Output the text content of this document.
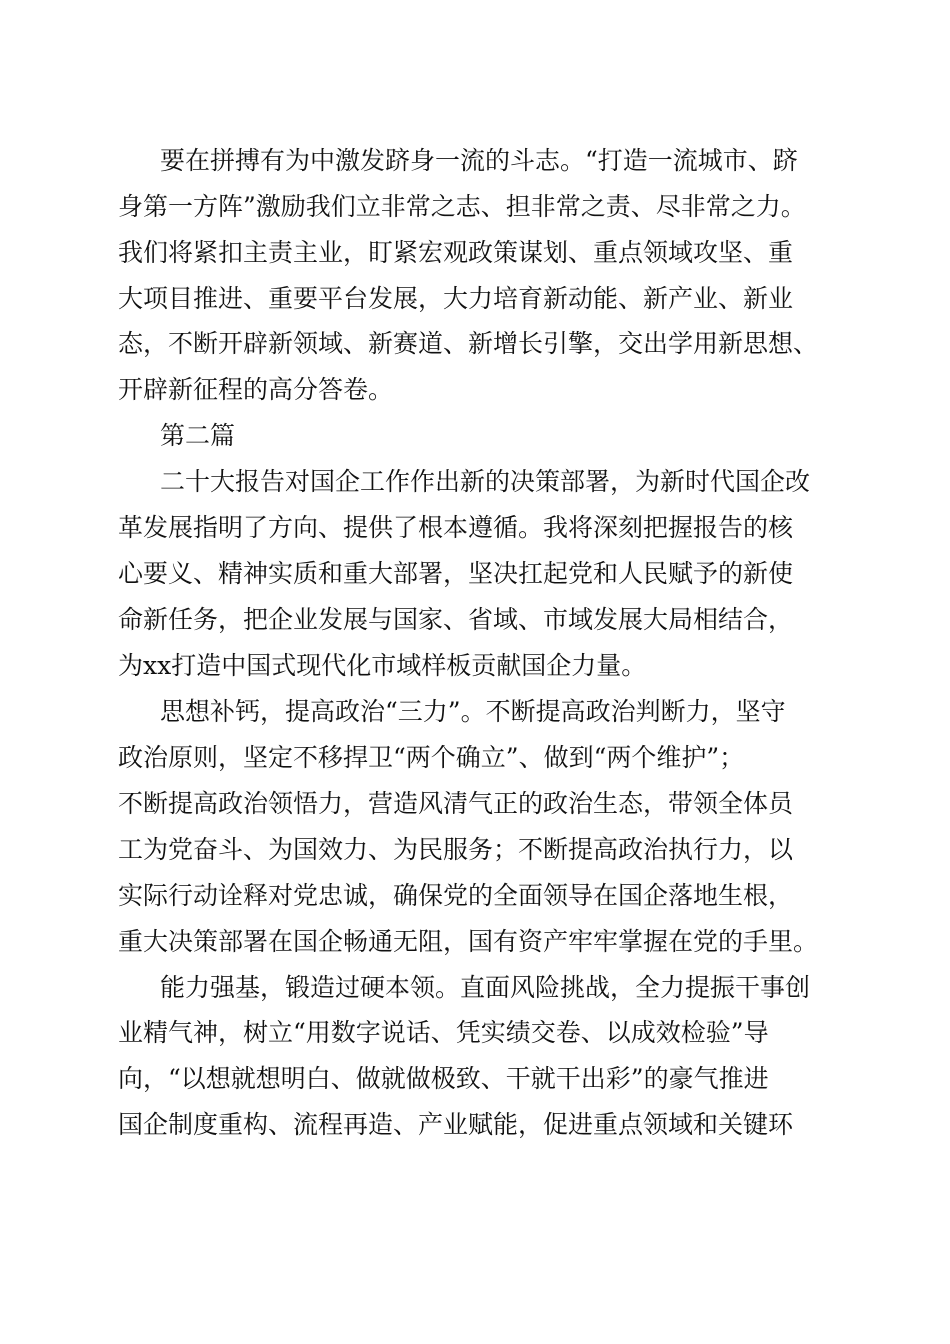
要在拼搏有为中激发跻身一流的斗志。“打造一流城市、跻
身第一方阵”激励我们立非常之志、担非常之责、尽非常之力。
我们将紧扣主责主业，盯紧宏观政策谋划、重点领域攻坚、重
大项目推进、重要平台发展，大力培育新动能、新产业、新业
态，不断开辟新领域、新赛道、新增长引擎，交出学用新思想、
开辟新征程的高分答卷。
第二篇
二十大报告对国企工作作出新的决策部署，为新时代国企改
革发展指明了方向、提供了根本遵循。我将深刻把握报告的核
心要义、精神实质和重大部署，坚决扛起党和人民赋予的新使
命新任务，把企业发展与国家、省域、市域发展大局相结合，
为xx打造中国式现代化市域样板贡献国企力量。
思想补钙，提高政治“三力”。不断提高政治判断力，坚守
政治原则，坚定不移捍卫“两个确立”、做到“两个维护”；
不断提高政治领悟力，营造风清气正的政治生态，带领全体员
工为党奋斗、为国效力、为民服务；不断提高政治执行力，以
实际行动诠释对党忠诚，确保党的全面领导在国企落地生根，
重大决策部署在国企畅通无阻，国有资产牢牢掌握在党的手里。
能力强基，锻造过硬本领。直面风险挑战，全力提振干事创
业精气神，树立“用数字说话、凭实绩交卷、以成效检验”导
向，“以想就想明白、做就做极致、干就干出彩”的豪气推进
国企制度重构、流程再造、产业赋能，促进重点领域和关键环
